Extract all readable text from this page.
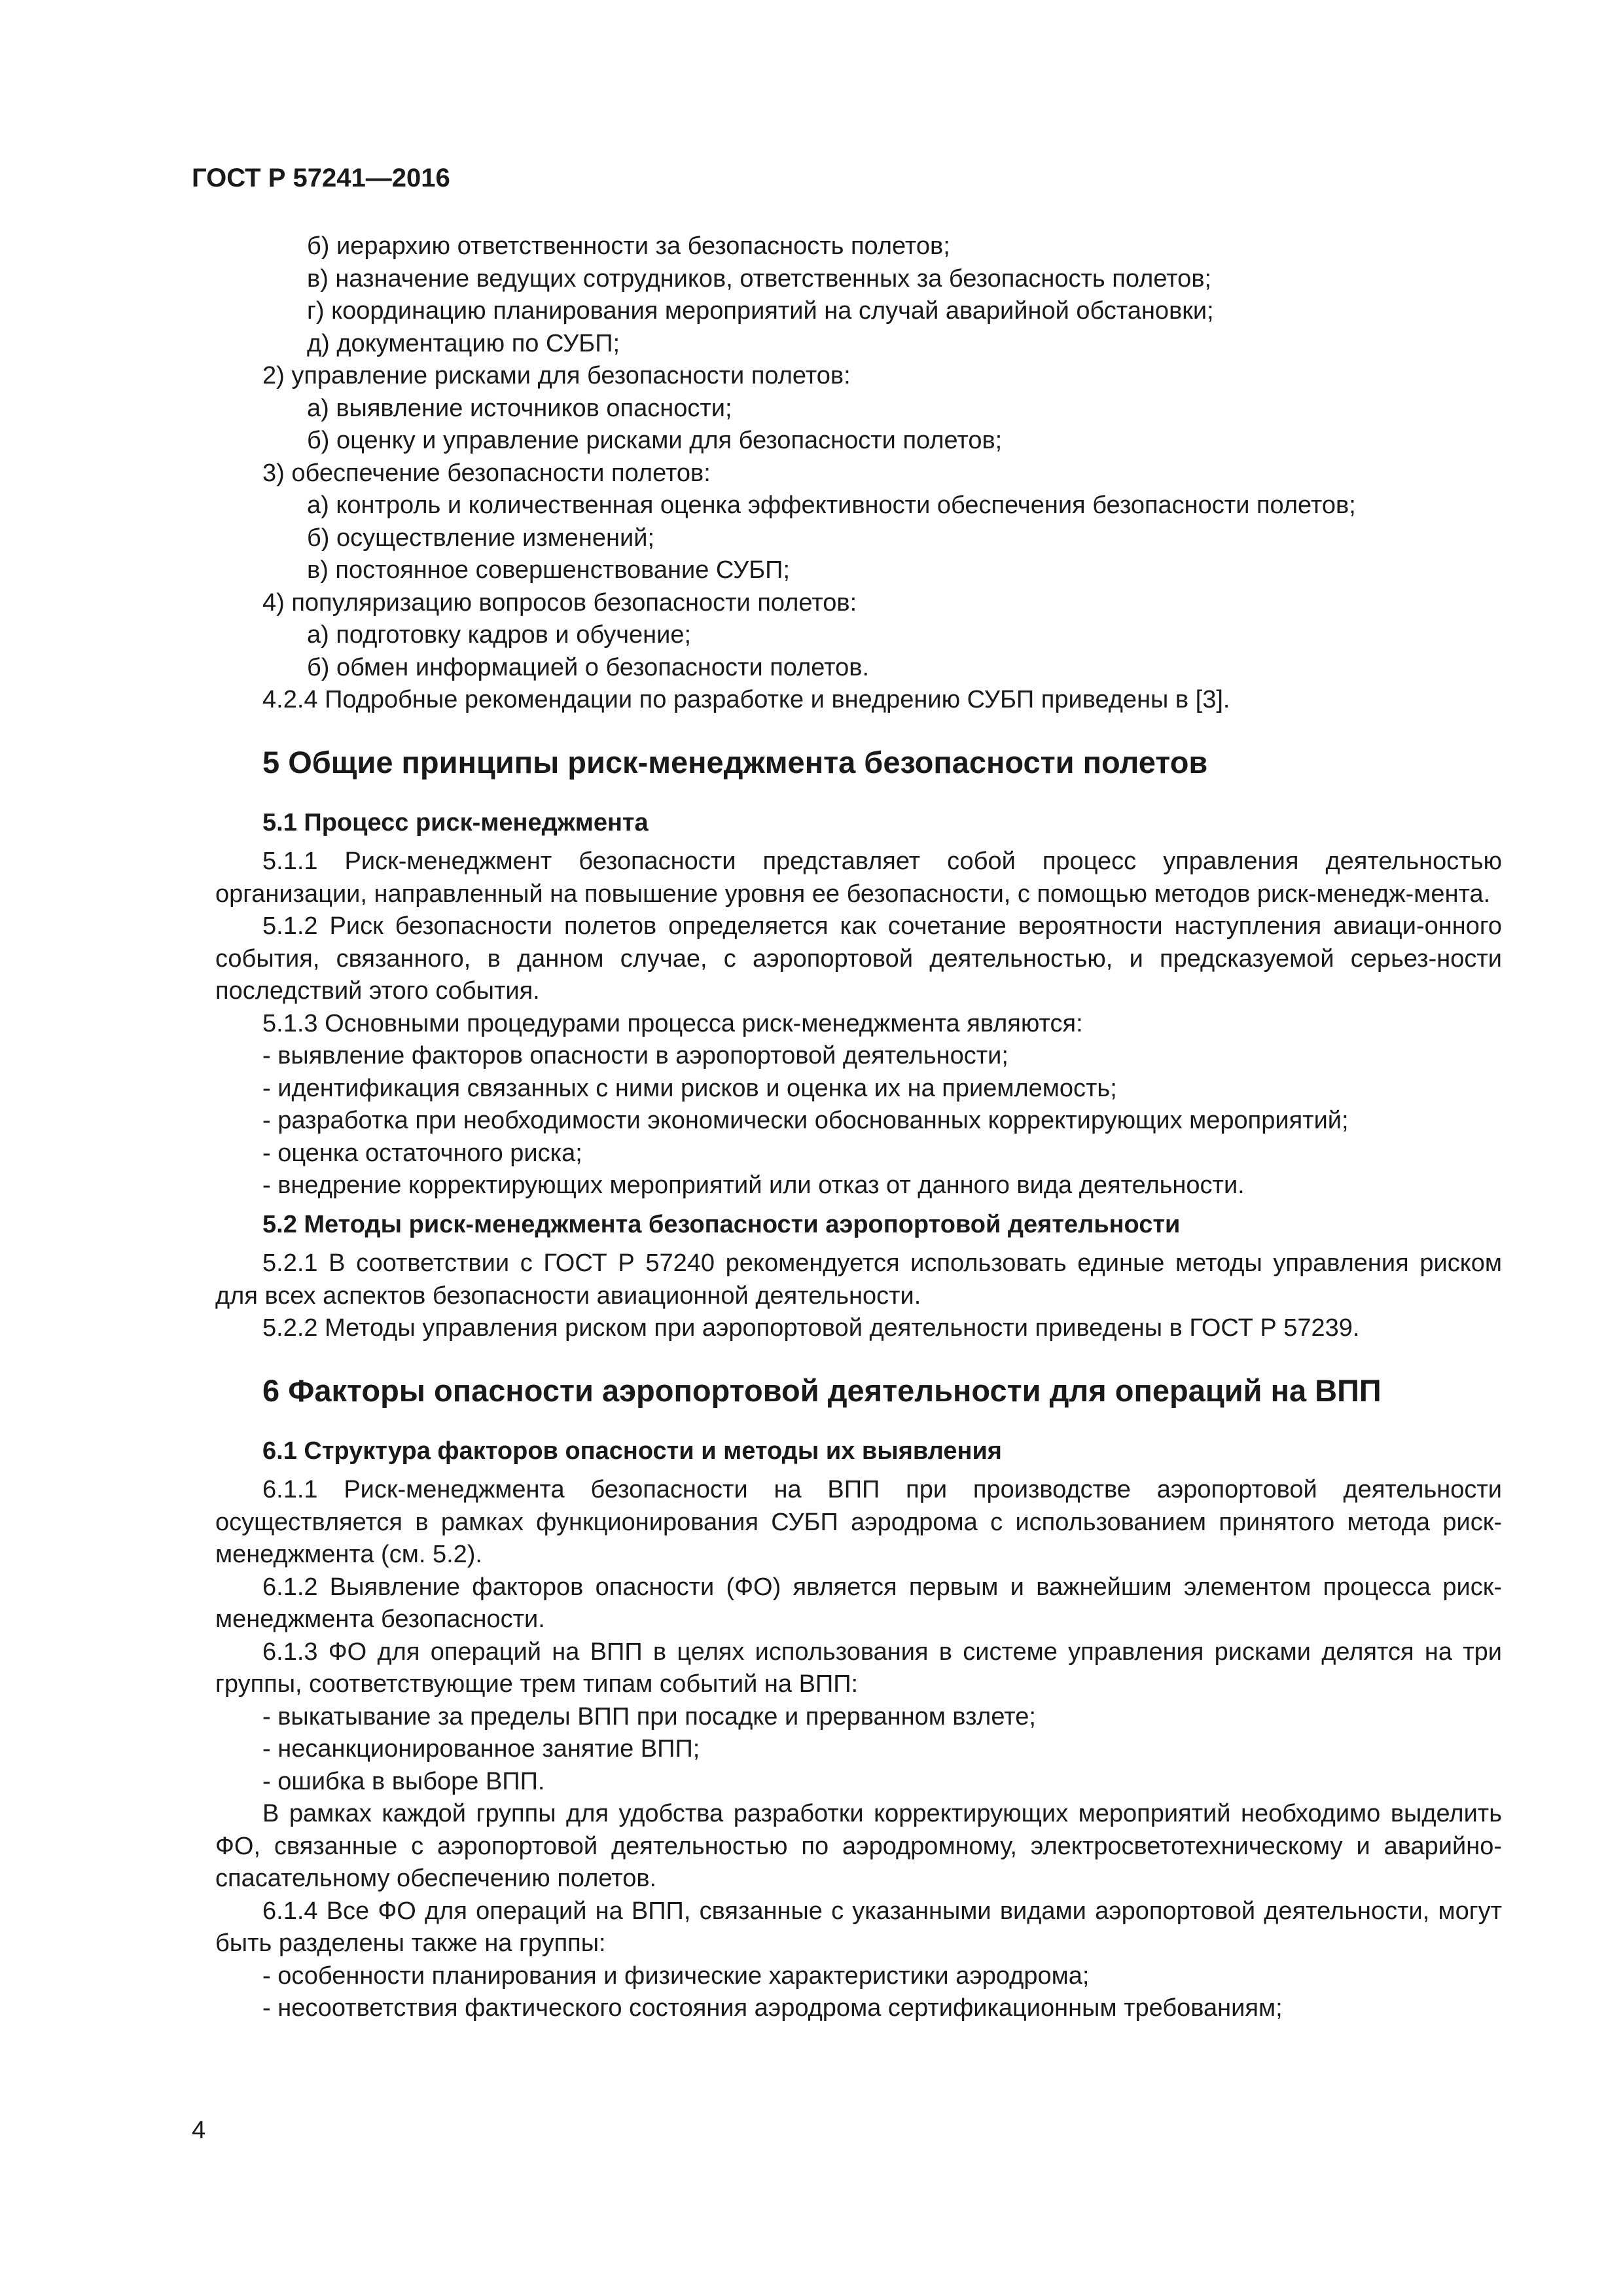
ГОСТ Р 57241—2016

б) иерархию ответственности за безопасность полетов;

в) назначение ведущих сотрудников, ответственных за безопасность полетов;

г) координацию планирования мероприятий на случай аварийной обстановки;

д) документацию по СУБП;

2) управление рисками для безопасности полетов:

а) выявление источников опасности;

б) оценку и управление рисками для безопасности полетов;

3) обеспечение безопасности полетов:

а) контроль и количественная оценка эффективности обеспечения безопасности полетов;

б) осуществление изменений;

в) постоянное совершенствование СУБП;

4) популяризацию вопросов безопасности полетов:

а) подготовку кадров и обучение;

б) обмен информацией о безопасности полетов.

4.2.4 Подробные рекомендации по разработке и внедрению СУБП приведены в [3].

5 Общие принципы риск-менеджмента безопасности полетов

5.1 Процесс риск-менеджмента

5.1.1 Риск-менеджмент безопасности представляет собой процесс управления деятельностью организации, направленный на повышение уровня ее безопасности, с помощью методов риск-менедж-мента.

5.1.2 Риск безопасности полетов определяется как сочетание вероятности наступления авиаци-онного события, связанного, в данном случае, с аэропортовой деятельностью, и предсказуемой серьез-ности последствий этого события.

5.1.3 Основными процедурами процесса риск-менеджмента являются:

- выявление факторов опасности в аэропортовой деятельности;

- идентификация связанных с ними рисков и оценка их на приемлемость;

- разработка при необходимости экономически обоснованных корректирующих мероприятий;

- оценка остаточного риска;

- внедрение корректирующих мероприятий или отказ от данного вида деятельности.

5.2 Методы риск-менеджмента безопасности аэропортовой деятельности

5.2.1 В соответствии с ГОСТ Р 57240 рекомендуется использовать единые методы управления риском для всех аспектов безопасности авиационной деятельности.

5.2.2 Методы управления риском при аэропортовой деятельности приведены в ГОСТ Р 57239.

6 Факторы опасности аэропортовой деятельности для операций на ВПП

6.1 Структура факторов опасности и методы их выявления

6.1.1 Риск-менеджмента безопасности на ВПП при производстве аэропортовой деятельности осуществляется в рамках функционирования СУБП аэродрома с использованием принятого метода риск-менеджмента (см. 5.2).

6.1.2 Выявление факторов опасности (ФО) является первым и важнейшим элементом процесса риск-менеджмента безопасности.

6.1.3 ФО для операций на ВПП в целях использования в системе управления рисками делятся на три группы, соответствующие трем типам событий на ВПП:

- выкатывание за пределы ВПП при посадке и прерванном взлете;

- несанкционированное занятие ВПП;

- ошибка в выборе ВПП.

В рамках каждой группы для удобства разработки корректирующих мероприятий необходимо выделить ФО, связанные с аэропортовой деятельностью по аэродромному, электросветотехническому и аварийно-спасательному обеспечению полетов.

6.1.4 Все ФО для операций на ВПП, связанные с указанными видами аэропортовой деятельности, могут быть разделены также на группы:

- особенности планирования и физические характеристики аэродрома;

- несоответствия фактического состояния аэродрома сертификационным требованиям;

4
